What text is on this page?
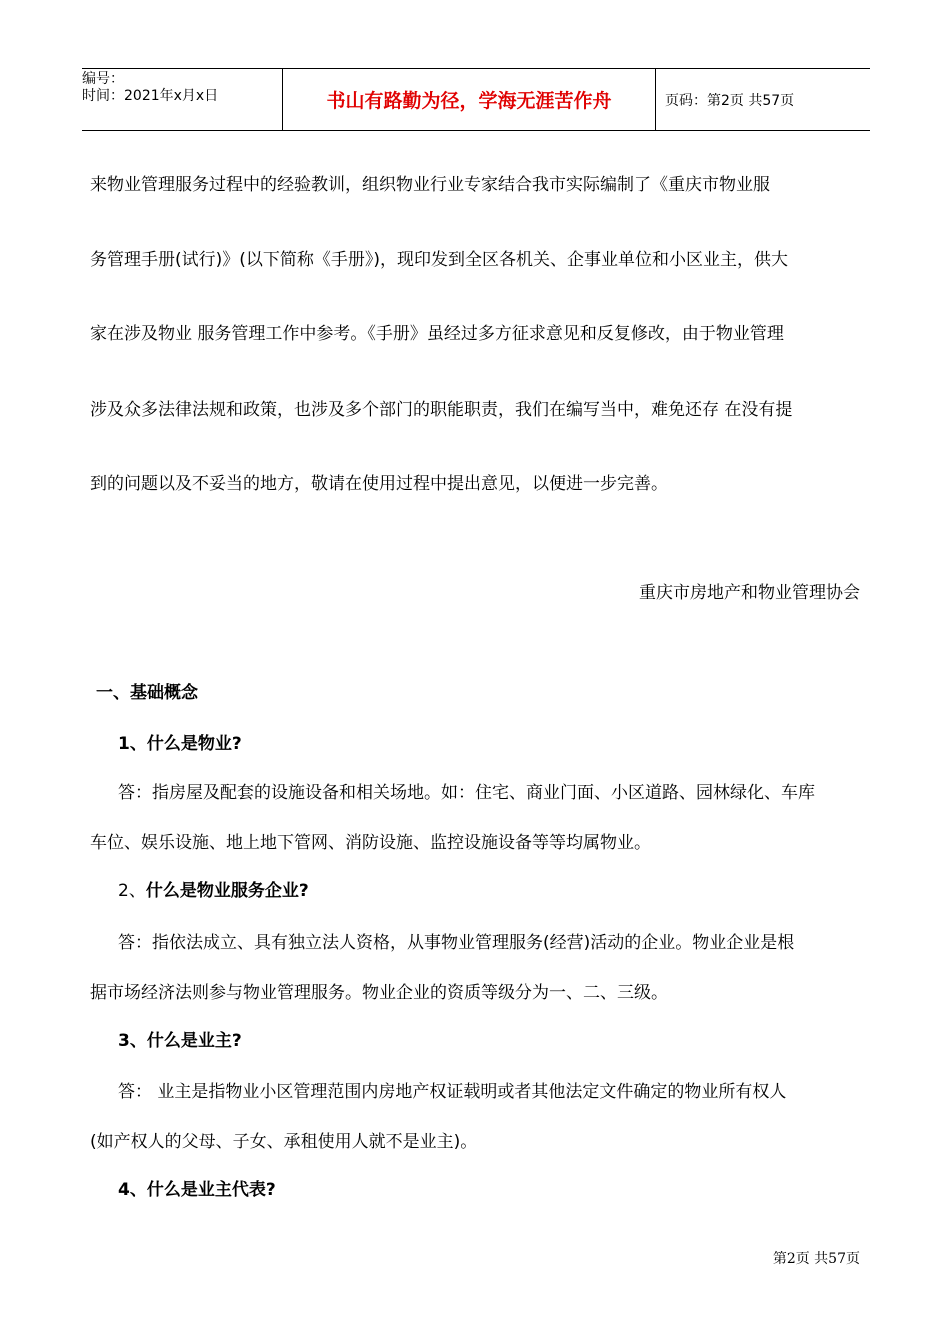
编号：
时间：2021年x月x日	书山有路勤为径，学海无涯苦作舟	页码：第2页 共57页
来物业管理服务过程中的经验教训，组织物业行业专家结合我市实际编制了《重庆市物业服
务管理手册(试行)》(以下简称《手册》)，现印发到全区各机关、企事业单位和小区业主，供大
家在涉及物业 服务管理工作中参考。《手册》虽经过多方征求意见和反复修改，由于物业管理
涉及众多法律法规和政策，也涉及多个部门的职能职责，我们在编写当中，难免还存 在没有提
到的问题以及不妥当的地方，敬请在使用过程中提出意见，以便进一步完善。
重庆市房地产和物业管理协会
一、基础概念
1、什么是物业?
答：指房屋及配套的设施设备和相关场地。如：住宅、商业门面、小区道路、园林绿化、车库
车位、娱乐设施、地上地下管网、消防设施、监控设施设备等等均属物业。
2、什么是物业服务企业?
答：指依法成立、具有独立法人资格，从事物业管理服务(经营)活动的企业。物业企业是根
据市场经济法则参与物业管理服务。物业企业的资质等级分为一、二、三级。
3、什么是业主?
答： 业主是指物业小区管理范围内房地产权证载明或者其他法定文件确定的物业所有权人
(如产权人的父母、子女、承租使用人就不是业主)。
4、什么是业主代表?
第2页 共57页
